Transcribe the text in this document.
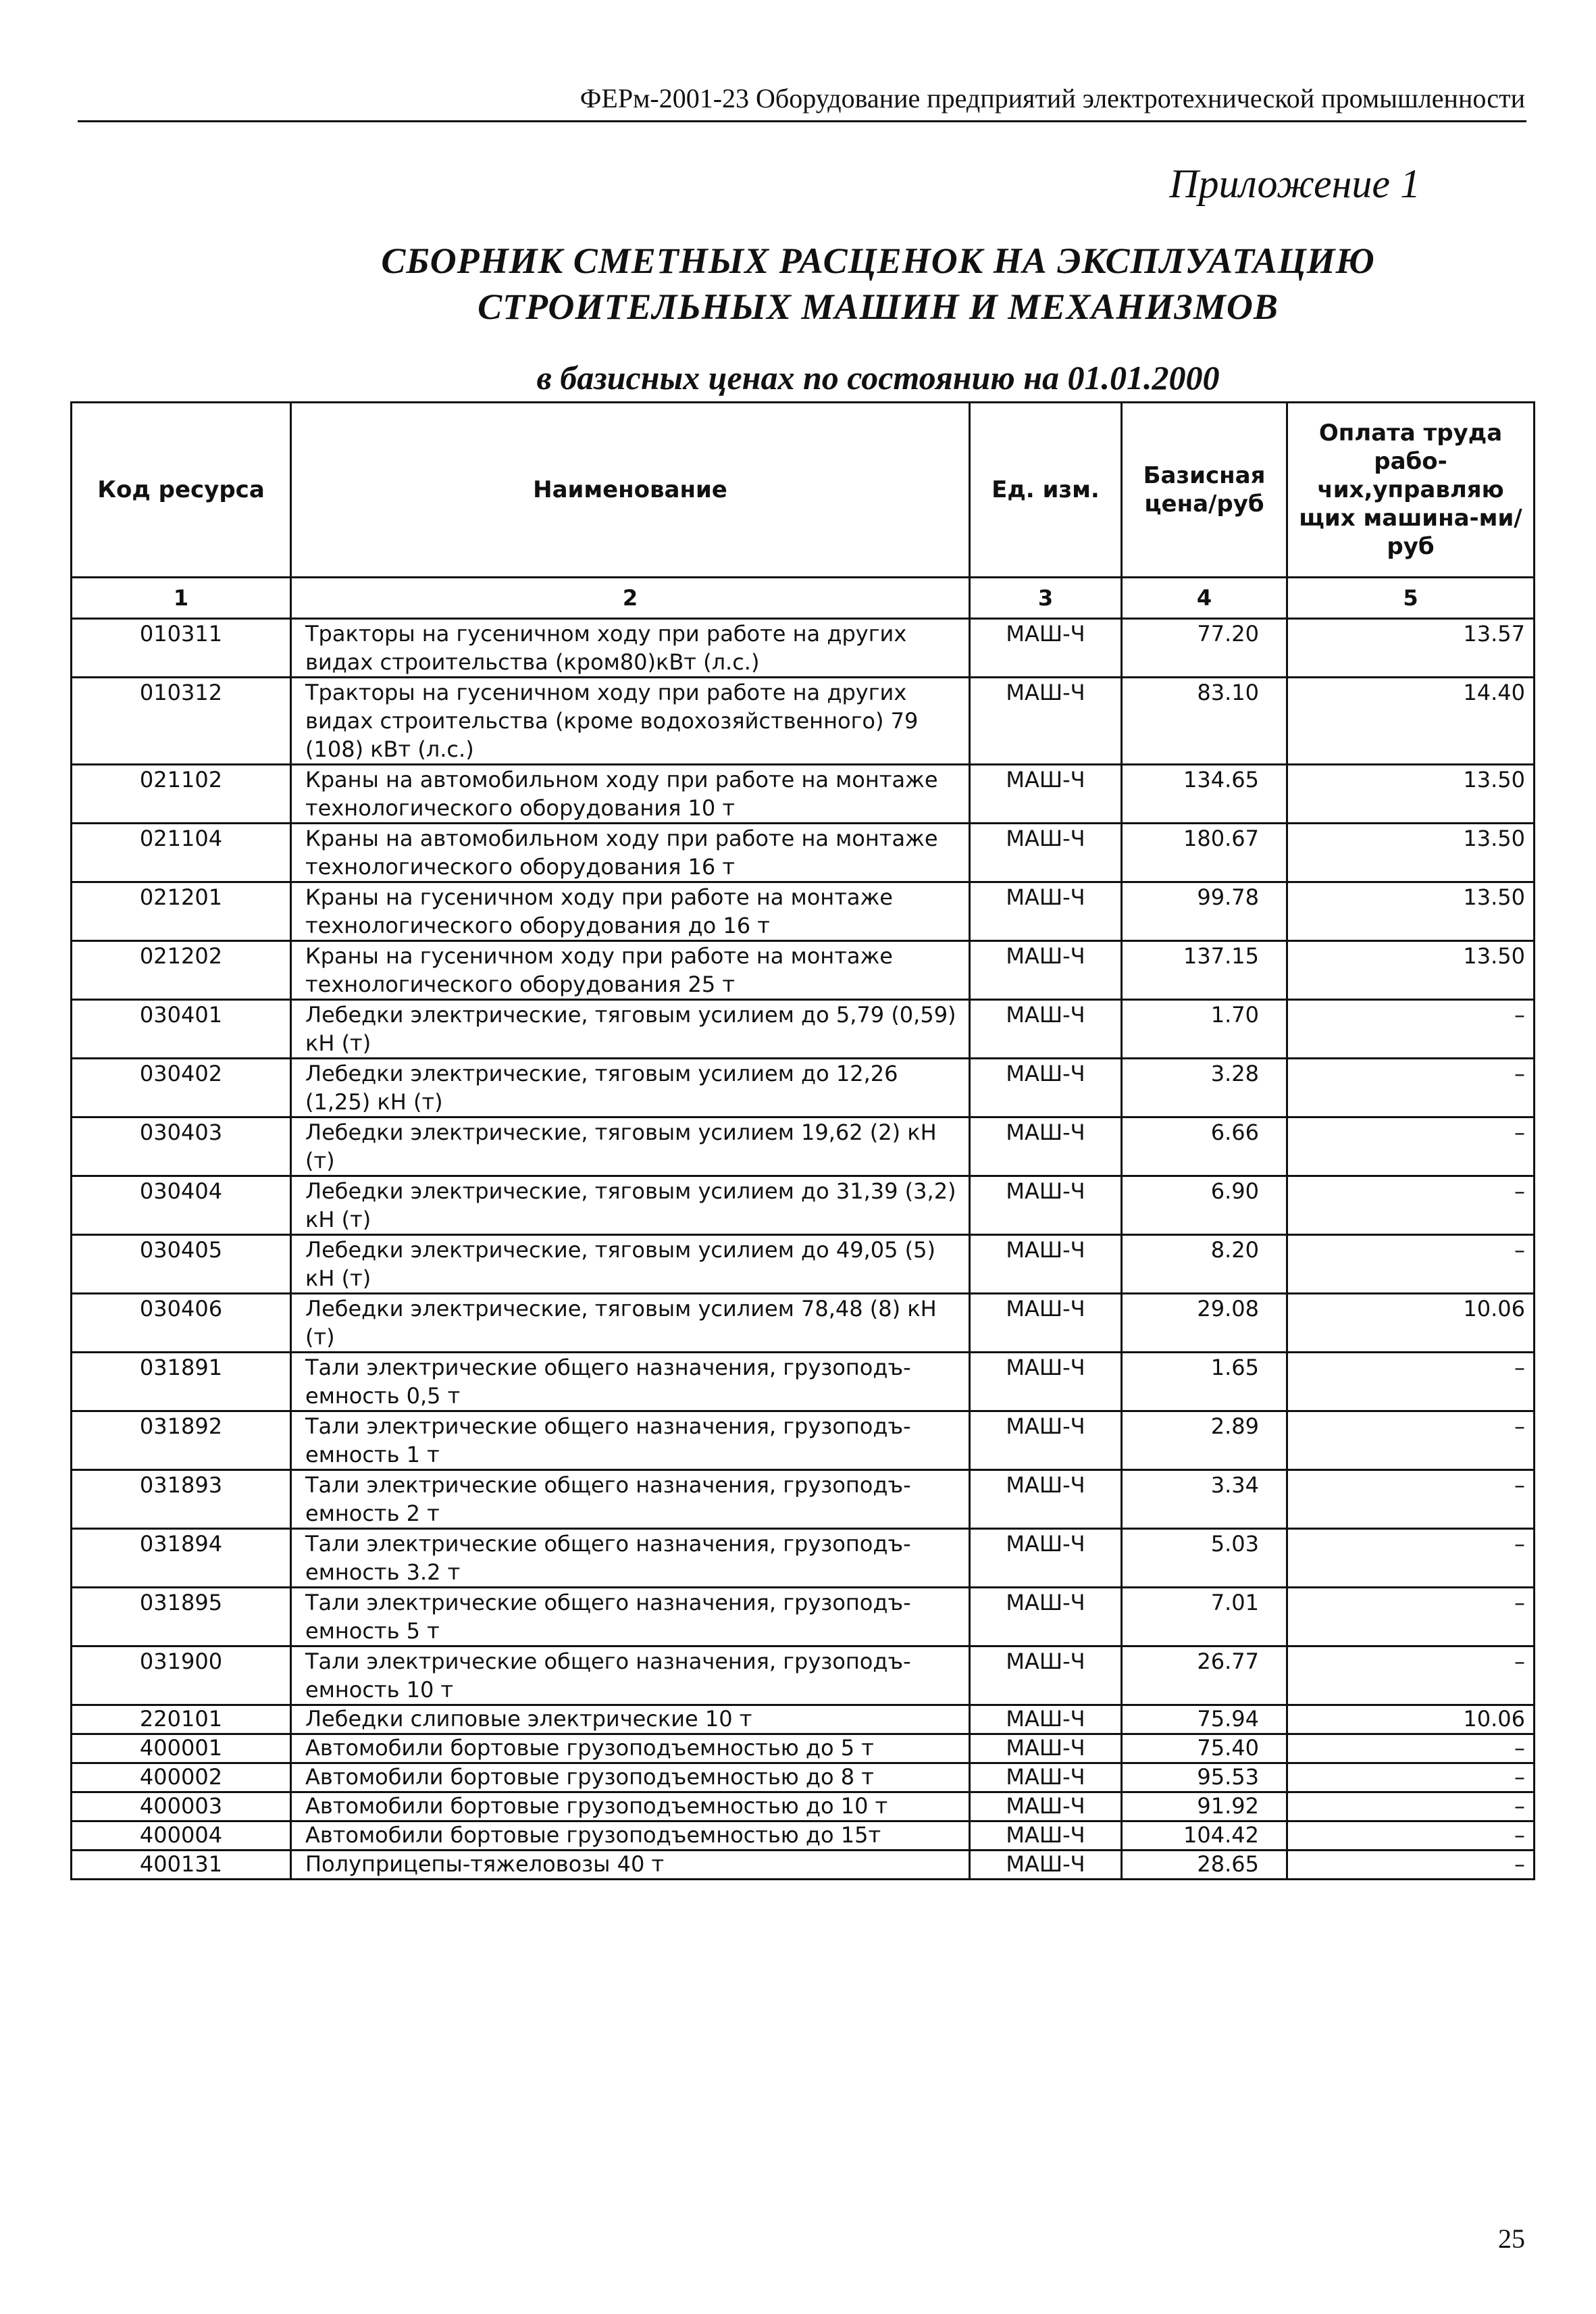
ФЕРм-2001-23 Оборудование предприятий электротехнической промышленности
Приложение 1
СБОРНИК СМЕТНЫХ РАСЦЕНОК НА ЭКСПЛУАТАЦИЮ
СТРОИТЕЛЬНЫХ МАШИН И МЕХАНИЗМОВ
в базисных ценах по состоянию на 01.01.2000
Код ресурса	Наименование	Ед. изм.	Базисная цена/руб	Оплата труда рабо-чих,управляю щих машина-ми/руб
1	2	3	4	5
010311	Тракторы на гусеничном ходу при работе на других видах строительства (кром80)кВт (л.с.)	МАШ-Ч	77.20	13.57
010312	Тракторы на гусеничном ходу при работе на других видах строительства (кроме водохозяйственного) 79 (108) кВт (л.с.)	МАШ-Ч	83.10	14.40
021102	Краны на автомобильном ходу при работе на монтаже технологического оборудования 10 т	МАШ-Ч	134.65	13.50
021104	Краны на автомобильном ходу при работе на монтаже технологического оборудования 16 т	МАШ-Ч	180.67	13.50
021201	Краны на гусеничном ходу при работе на монтаже технологического оборудования до 16 т	МАШ-Ч	99.78	13.50
021202	Краны на гусеничном ходу при работе на монтаже технологического оборудования 25 т	МАШ-Ч	137.15	13.50
030401	Лебедки электрические, тяговым усилием до 5,79 (0,59) кН (т)	МАШ-Ч	1.70	–
030402	Лебедки электрические, тяговым усилием до 12,26 (1,25) кН (т)	МАШ-Ч	3.28	–
030403	Лебедки электрические, тяговым усилием 19,62 (2) кН (т)	МАШ-Ч	6.66	–
030404	Лебедки электрические, тяговым усилием до 31,39 (3,2) кН (т)	МАШ-Ч	6.90	–
030405	Лебедки электрические, тяговым усилием до 49,05 (5) кН (т)	МАШ-Ч	8.20	–
030406	Лебедки электрические, тяговым усилием 78,48 (8) кН (т)	МАШ-Ч	29.08	10.06
031891	Тали электрические общего назначения, грузоподъ-емность 0,5 т	МАШ-Ч	1.65	–
031892	Тали электрические общего назначения, грузоподъ-емность 1 т	МАШ-Ч	2.89	–
031893	Тали электрические общего назначения, грузоподъ-емность 2 т	МАШ-Ч	3.34	–
031894	Тали электрические общего назначения, грузоподъ-емность 3.2 т	МАШ-Ч	5.03	–
031895	Тали электрические общего назначения, грузоподъ-емность 5 т	МАШ-Ч	7.01	–
031900	Тали электрические общего назначения, грузоподъ-емность 10 т	МАШ-Ч	26.77	–
220101	Лебедки слиповые электрические 10 т	МАШ-Ч	75.94	10.06
400001	Автомобили бортовые грузоподъемностью до 5 т	МАШ-Ч	75.40	–
400002	Автомобили бортовые грузоподъемностью до 8 т	МАШ-Ч	95.53	–
400003	Автомобили бортовые грузоподъемностью до 10 т	МАШ-Ч	91.92	–
400004	Автомобили бортовые грузоподъемностью до 15т	МАШ-Ч	104.42	–
400131	Полуприцепы-тяжеловозы 40 т	МАШ-Ч	28.65	–
25
